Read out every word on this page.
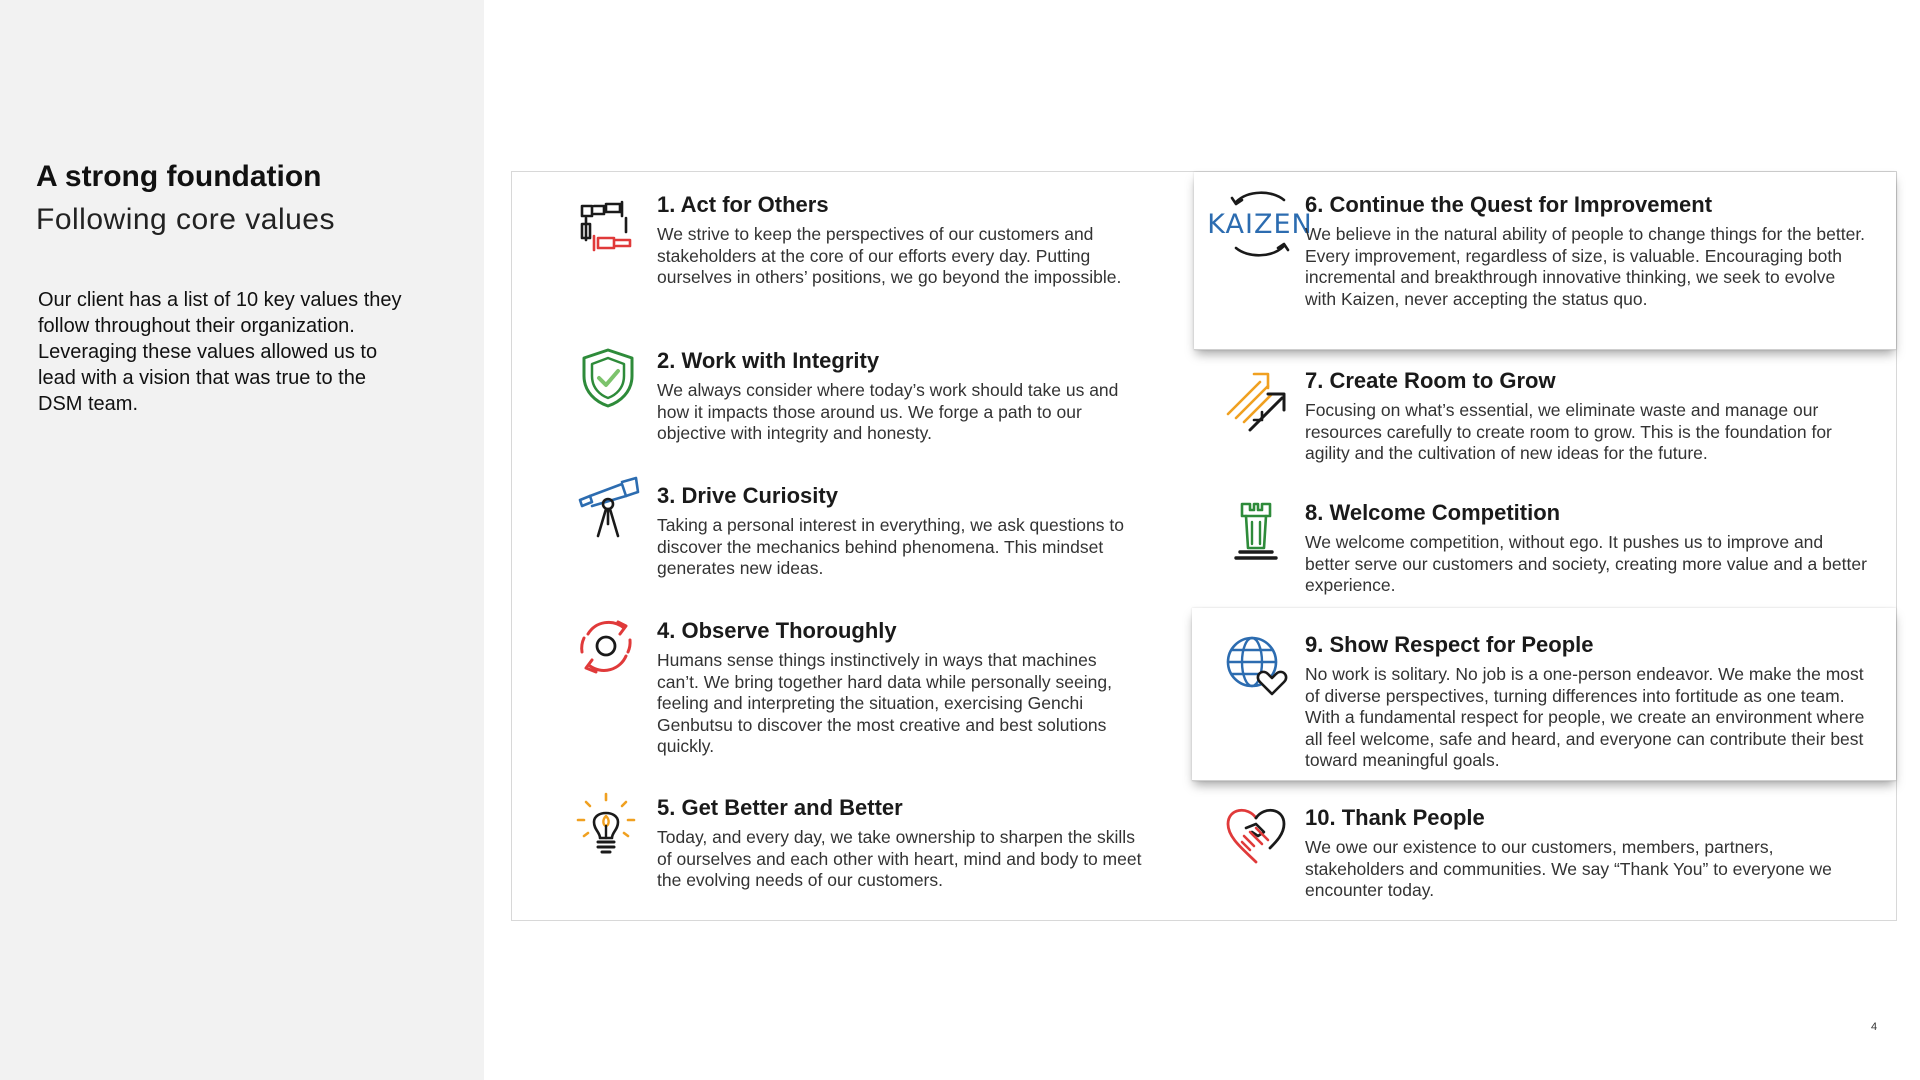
A strong foundation
Following core values
Our client has a list of 10 key values they follow throughout their organization. Leveraging these values allowed us to lead with a vision that was true to the DSM team.
1. Act for Others
We strive to keep the perspectives of our customers and stakeholders at the core of our efforts every day. Putting ourselves in others’ positions, we go beyond the impossible.
2. Work with Integrity
We always consider where today’s work should take us and how it impacts those around us. We forge a path to our objective with integrity and honesty.
3. Drive Curiosity
Taking a personal interest in everything, we ask questions to discover the mechanics behind phenomena. This mindset generates new ideas.
4. Observe Thoroughly
Humans sense things instinctively in ways that machines can’t. We bring together hard data while personally seeing, feeling and interpreting the situation, exercising Genchi Genbutsu to discover the most creative and best solutions quickly.
5. Get Better and Better
Today, and every day, we take ownership to sharpen the skills of ourselves and each other with heart, mind and body to meet the evolving needs of our customers.
KAIZEN
6. Continue the Quest for Improvement
We believe in the natural ability of people to change things for the better. Every improvement, regardless of size, is valuable. Encouraging both incremental and breakthrough innovative thinking, we seek to evolve with Kaizen, never accepting the status quo.
7. Create Room to Grow
Focusing on what’s essential, we eliminate waste and manage our resources carefully to create room to grow. This is the foundation for agility and the cultivation of new ideas for the future.
8. Welcome Competition
We welcome competition, without ego. It pushes us to improve and better serve our customers and society, creating more value and a better experience.
9. Show Respect for People
No work is solitary. No job is a one-person endeavor. We make the most of diverse perspectives, turning differences into fortitude as one team. With a fundamental respect for people, we create an environment where all feel welcome, safe and heard, and everyone can contribute their best toward meaningful goals.
10. Thank People
We owe our existence to our customers, members, partners, stakeholders and communities. We say “Thank You” to everyone we encounter today.
4
